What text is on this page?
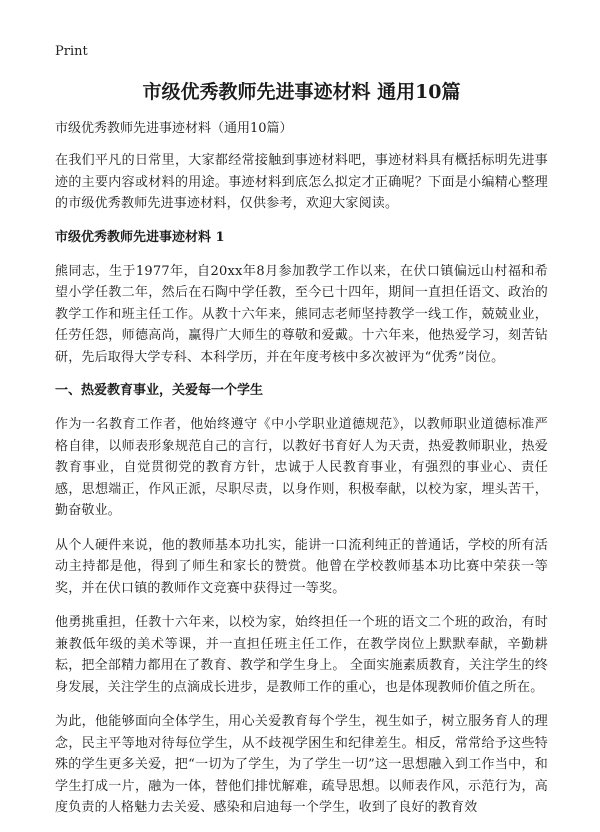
Print
市级优秀教师先进事迹材料 通用10篇

市级优秀教师先进事迹材料（通用10篇）

在我们平凡的日常里，大家都经常接触到事迹材料吧，事迹材料具有概括标明先进事迹的主要内容或材料的用途。事迹材料到底怎么拟定才正确呢？下面是小编精心整理的市级优秀教师先进事迹材料，仅供参考，欢迎大家阅读。

市级优秀教师先进事迹材料 1

熊同志，生于1977年，自20xx年8月参加教学工作以来，在伏口镇偏远山村福和希望小学任教二年，然后在石陶中学任教，至今已十四年，期间一直担任语文、政治的教学工作和班主任工作。从教十六年来，熊同志老师坚持教学一线工作，兢兢业业，任劳任怨，师德高尚，赢得广大师生的尊敬和爱戴。十六年来，他热爱学习，刻苦钻研，先后取得大学专科、本科学历，并在年度考核中多次被评为“优秀”岗位。

一、热爱教育事业，关爱每一个学生

作为一名教育工作者，他始终遵守《中小学职业道德规范》，以教师职业道德标准严格自律，以师表形象规范自己的言行，以教好书育好人为天责，热爱教师职业，热爱教育事业，自觉贯彻党的教育方针，忠诚于人民教育事业，有强烈的事业心、责任感，思想端正，作风正派，尽职尽责，以身作则，积极奉献，以校为家，埋头苦干，勤奋敬业。

从个人硬件来说，他的教师基本功扎实，能讲一口流利纯正的普通话，学校的所有活动主持都是他，得到了师生和家长的赞赏。他曾在学校教师基本功比赛中荣获一等奖，并在伏口镇的教师作文竞赛中获得过一等奖。

他勇挑重担，任教十六年来，以校为家，始终担任一个班的语文二个班的政治，有时兼教低年级的美术等课，并一直担任班主任工作，在教学岗位上默默奉献，辛勤耕耘，把全部精力都用在了教育、教学和学生身上。 全面实施素质教育，关注学生的终身发展，关注学生的点滴成长进步，是教师工作的重心，也是体现教师价值之所在。

为此，他能够面向全体学生，用心关爱教育每个学生，视生如子，树立服务育人的理念，民主平等地对待每位学生，从不歧视学困生和纪律差生。相反，常常给予这些特殊的学生更多关爱，把“一切为了学生，为了学生一切”这一思想融入到工作当中，和学生打成一片，融为一体，替他们排忧解难，疏导思想。以师表作风，示范行为，高度负责的人格魅力去关爱、感染和启迪每一个学生，收到了良好的教育效
